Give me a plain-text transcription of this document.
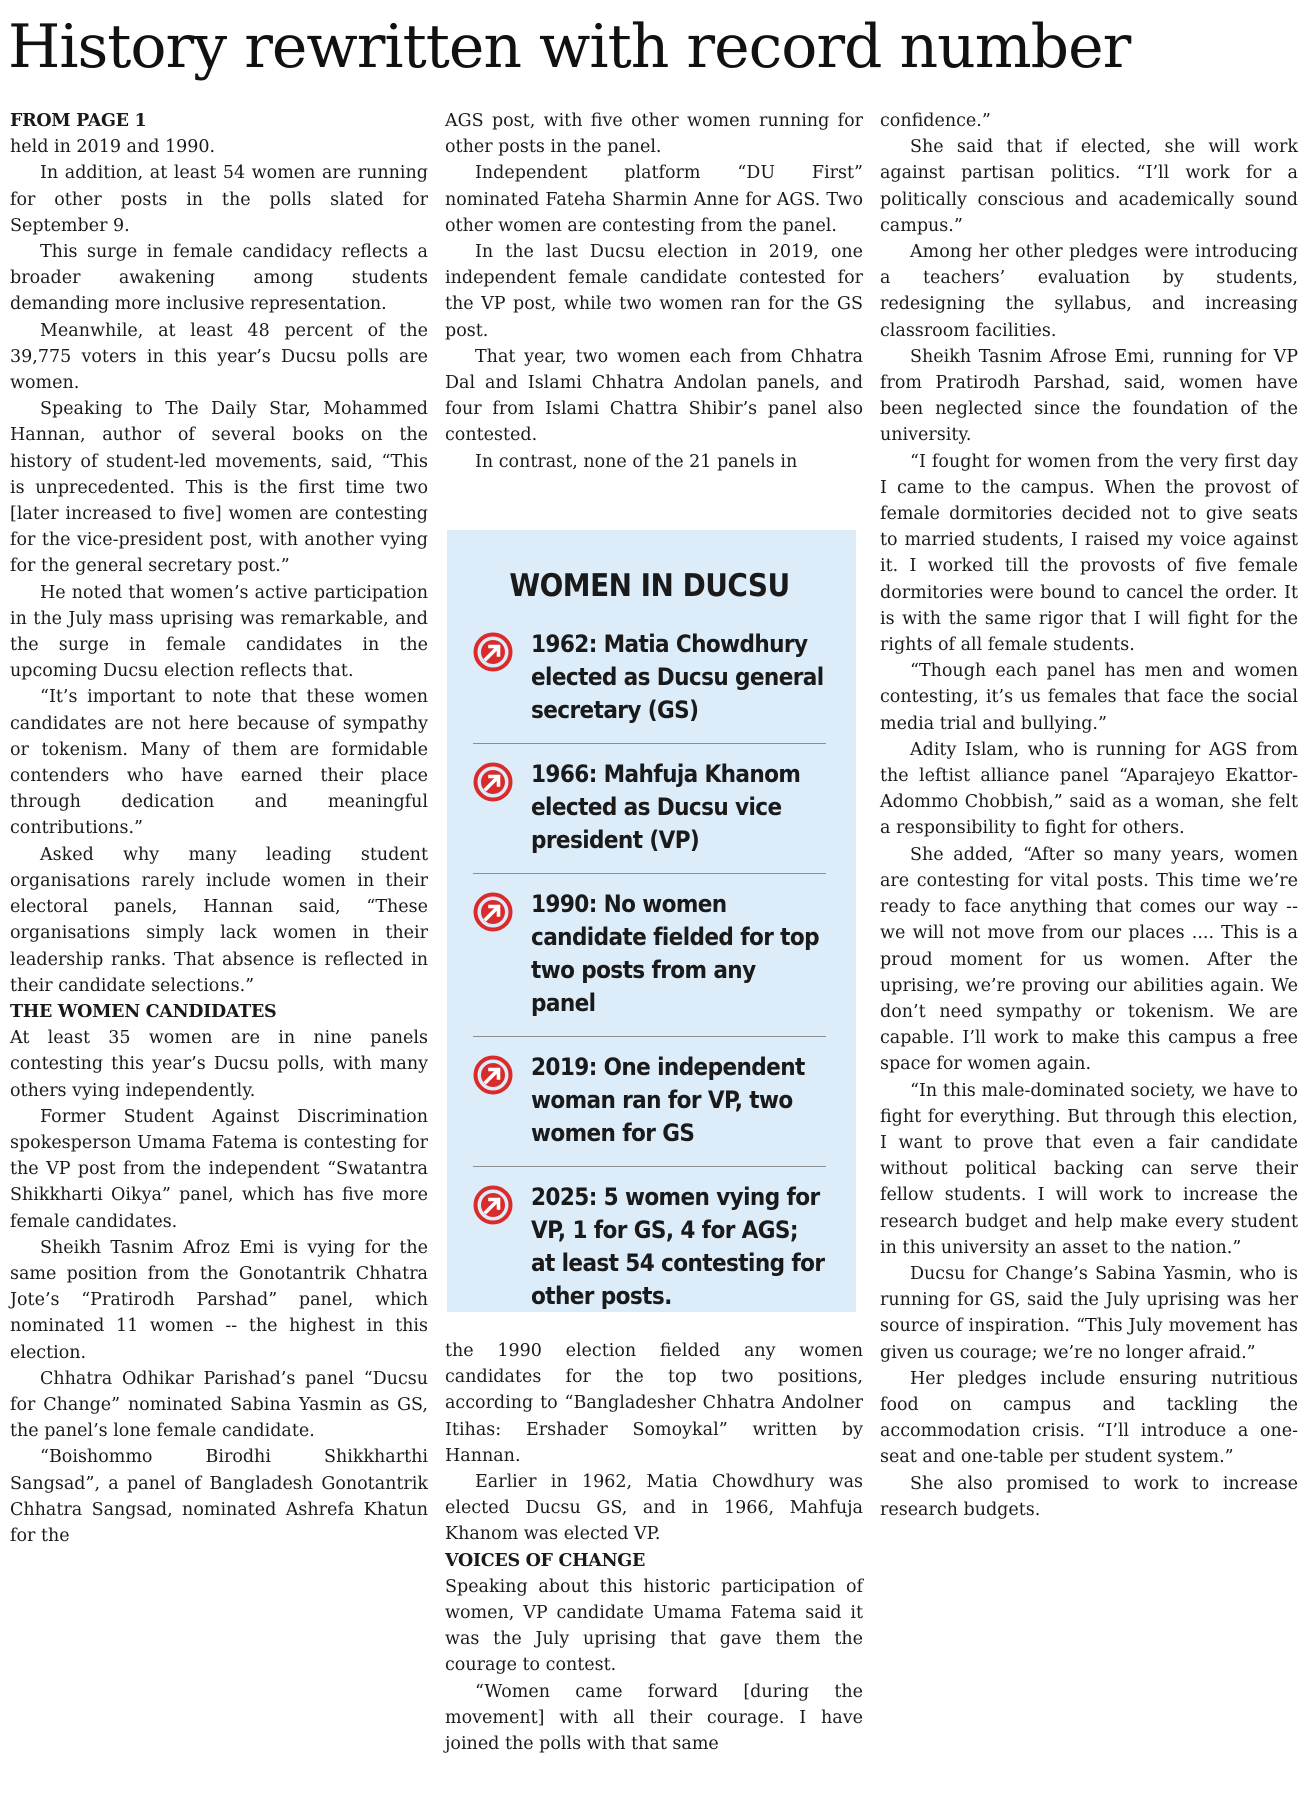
History rewritten with record number
FROM PAGE 1

held in 2019 and 1990.

In addition, at least 54 women are running for other posts in the polls slated for September 9.

This surge in female candidacy reflects a broader awakening among students demanding more inclusive representation.

Meanwhile, at least 48 percent of the 39,775 voters in this year’s Ducsu polls are women.

Speaking to The Daily Star, Mohammed Hannan, author of several books on the history of student-led movements, said, “This is unprecedented. This is the first time two [later increased to five] women are contesting for the vice-president post, with another vying for the general secretary post.”

He noted that women’s active participation in the July mass uprising was remarkable, and the surge in female candidates in the upcoming Ducsu election reflects that.

“It’s important to note that these women candidates are not here because of sympathy or tokenism. Many of them are formidable contenders who have earned their place through dedication and meaningful contributions.”

Asked why many leading student organisations rarely include women in their electoral panels, Hannan said, “These organisations simply lack women in their leadership ranks. That absence is reflected in their candidate selections.”

THE WOMEN CANDIDATES

At least 35 women are in nine panels contesting this year’s Ducsu polls, with many others vying independently.

Former Student Against Discrimination spokesperson Umama Fatema is contesting for the VP post from the independent “Swatantra Shikkharti Oikya” panel, which has five more female candidates.

Sheikh Tasnim Afroz Emi is vying for the same position from the Gonotantrik Chhatra Jote’s “Pratirodh Parshad” panel, which nominated 11 women -- the highest in this election.

Chhatra Odhikar Parishad’s panel “Ducsu for Change” nominated Sabina Yasmin as GS, the panel’s lone female candidate.

“Boishommo Birodhi Shikkharthi Sangsad”, a panel of Bangladesh Gonotantrik Chhatra Sangsad, nominated Ashrefa Khatun for the

AGS post, with five other women running for other posts in the panel.

Independent platform “DU First” nominated Fateha Sharmin Anne for AGS. Two other women are contesting from the panel.

In the last Ducsu election in 2019, one independent female candidate contested for the VP post, while two women ran for the GS post.

That year, two women each from Chhatra Dal and Islami Chhatra Andolan panels, and four from Islami Chattra Shibir’s panel also contested.

In contrast, none of the 21 panels in

WOMEN IN DUCSU
1962: Matia Chowdhury elected as Ducsu general secretary (GS)
1966: Mahfuja Khanom elected as Ducsu vice president (VP)
1990: No women candidate fielded for top two posts from any panel
2019: One independent woman ran for VP, two women for GS
2025: 5 women vying for VP, 1 for GS, 4 for AGS; at least 54 contesting for other posts.

the 1990 election fielded any women candidates for the top two positions, according to “Bangladesher Chhatra Andolner Itihas: Ershader Somoykal” written by Hannan.

Earlier in 1962, Matia Chowdhury was elected Ducsu GS, and in 1966, Mahfuja Khanom was elected VP.

VOICES OF CHANGE

Speaking about this historic participation of women, VP candidate Umama Fatema said it was the July uprising that gave them the courage to contest.

“Women came forward [during the movement] with all their courage. I have joined the polls with that same

confidence.”

She said that if elected, she will work against partisan politics. “I’ll work for a politically conscious and academically sound campus.”

Among her other pledges were introducing a teachers’ evaluation by students, redesigning the syllabus, and increasing classroom facilities.

Sheikh Tasnim Afrose Emi, running for VP from Pratirodh Parshad, said, women have been neglected since the foundation of the university.

“I fought for women from the very first day I came to the campus. When the provost of female dormitories decided not to give seats to married students, I raised my voice against it. I worked till the provosts of five female dormitories were bound to cancel the order. It is with the same rigor that I will fight for the rights of all female students.

“Though each panel has men and women contesting, it’s us females that face the social media trial and bullying.”

Adity Islam, who is running for AGS from the leftist alliance panel “Aparajeyo Ekattor-Adommo Chobbish,” said as a woman, she felt a responsibility to fight for others.

She added, “After so many years, women are contesting for vital posts. This time we’re ready to face anything that comes our way -- we will not move from our places .... This is a proud moment for us women. After the uprising, we’re proving our abilities again. We don’t need sympathy or tokenism. We are capable. I’ll work to make this campus a free space for women again.

“In this male-dominated society, we have to fight for everything. But through this election, I want to prove that even a fair candidate without political backing can serve their fellow students. I will work to increase the research budget and help make every student in this university an asset to the nation.”

Ducsu for Change’s Sabina Yasmin, who is running for GS, said the July uprising was her source of inspiration. “This July movement has given us courage; we’re no longer afraid.”

Her pledges include ensuring nutritious food on campus and tackling the accommodation crisis. “I’ll introduce a one-seat and one-table per student system.”

She also promised to work to increase research budgets.
